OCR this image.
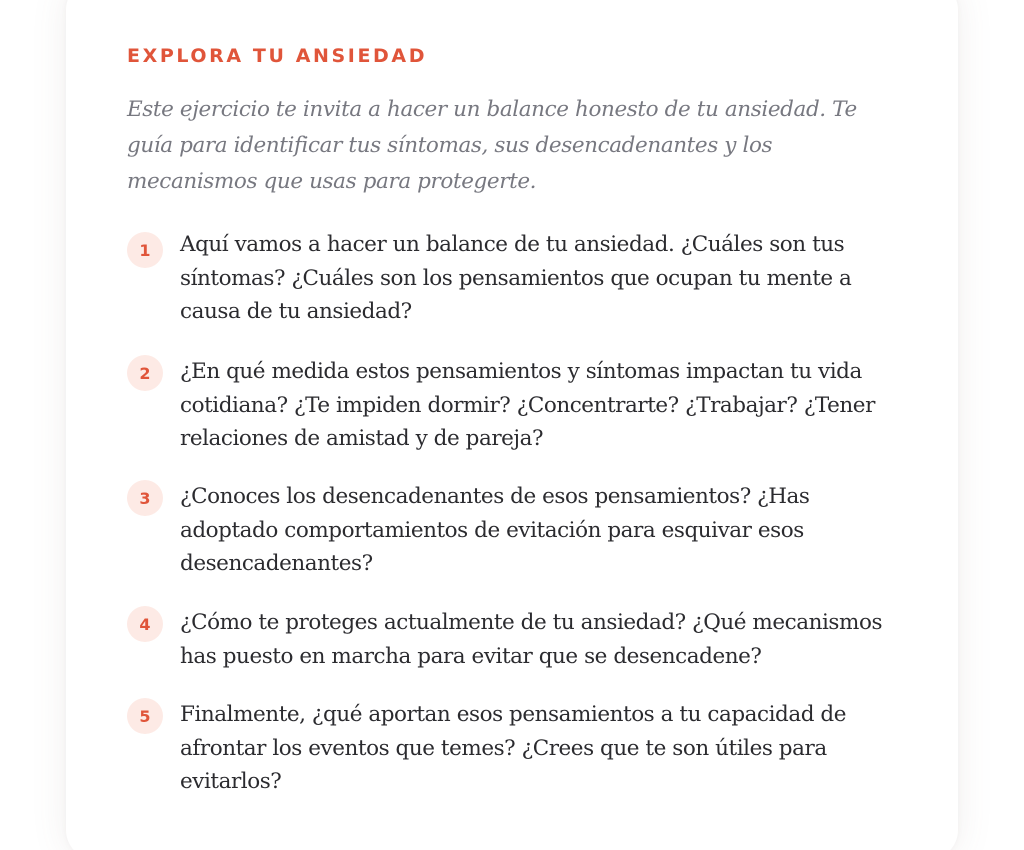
EXPLORA TU ANSIEDAD

Este ejercicio te invita a hacer un balance honesto de tu ansiedad. Te guía para identificar tus síntomas, sus desencadenantes y los mecanismos que usas para protegerte.

1	Aquí vamos a hacer un balance de tu ansiedad. ¿Cuáles son tus síntomas? ¿Cuáles son los pensamientos que ocupan tu mente a causa de tu ansiedad?

2	¿En qué medida estos pensamientos y síntomas impactan tu vida cotidiana? ¿Te impiden dormir? ¿Concentrarte? ¿Trabajar? ¿Tener relaciones de amistad y de pareja?

3	¿Conoces los desencadenantes de esos pensamientos? ¿Has adoptado comportamientos de evitación para esquivar esos desencadenantes?

4	¿Cómo te proteges actualmente de tu ansiedad? ¿Qué mecanismos has puesto en marcha para evitar que se desencadene?

5	Finalmente, ¿qué aportan esos pensamientos a tu capacidad de afrontar los eventos que temes? ¿Crees que te son útiles para evitarlos?
